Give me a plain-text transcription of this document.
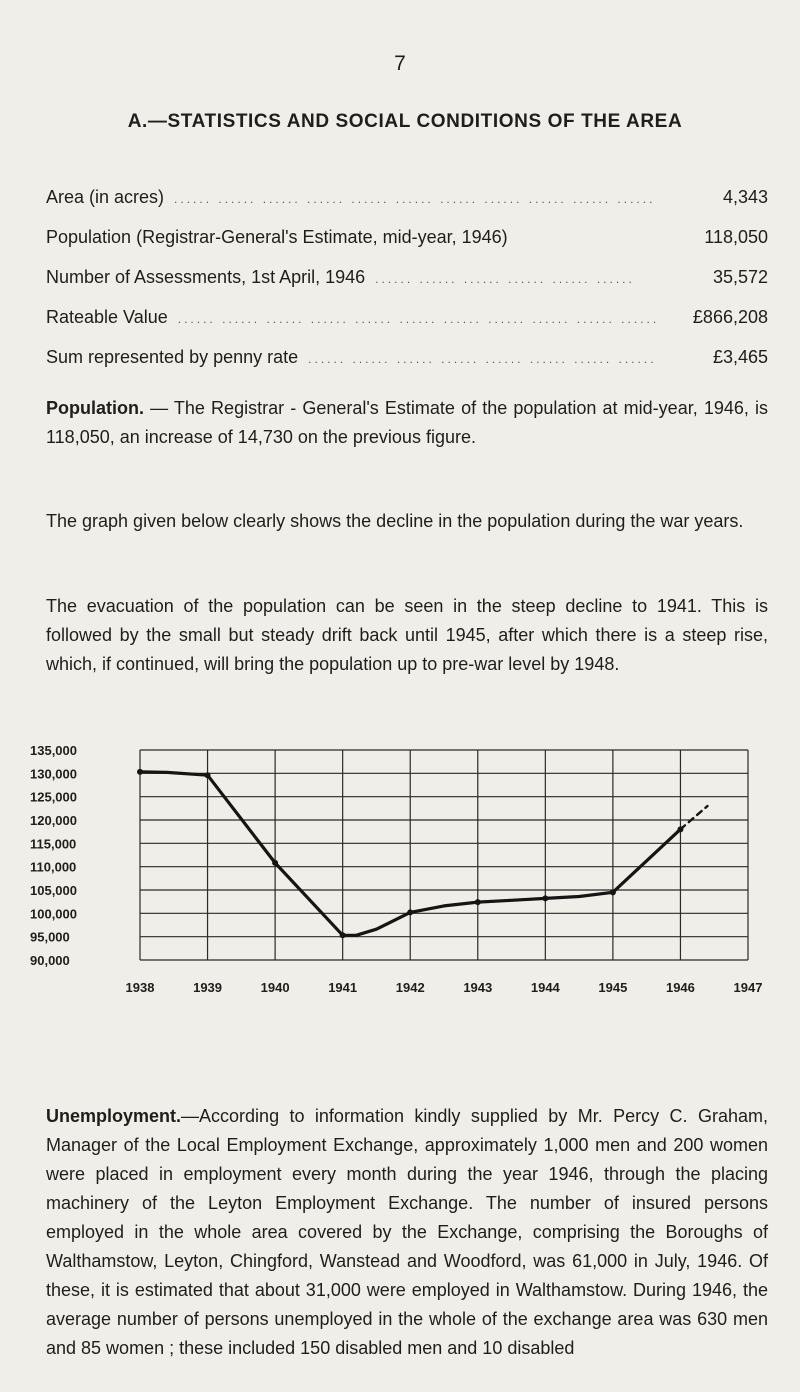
7
A.—STATISTICS AND SOCIAL CONDITIONS OF THE AREA
Area (in acres) ...... ...... ...... ...... ...... ...... ...... ...... ...... ...... ......	4,343
Population (Registrar-General's Estimate, mid-year, 1946)	118,050
Number of Assessments, 1st April, 1946 ...... ...... ...... ...... ...... ......	35,572
Rateable Value ...... ...... ...... ...... ...... ...... ...... ...... ...... ...... ......	£866,208
Sum represented by penny rate ...... ...... ...... ...... ...... ...... ...... ......	£3,465
Population. — The Registrar - General's Estimate of the population at mid-year, 1946, is 118,050, an increase of 14,730 on the previous figure.
The graph given below clearly shows the decline in the population during the war years.
The evacuation of the population can be seen in the steep decline to 1941. This is followed by the small but steady drift back until 1945, after which there is a steep rise, which, if continued, will bring the population up to pre-war level by 1948.
135,000
130,000
125,000
120,000
115,000
110,000
105,000
100,000
95,000
90,000
1938	1939	1940	1941	1942	1943	1944	1945	1946	1947
Unemployment.—According to information kindly supplied by Mr. Percy C. Graham, Manager of the Local Employment Exchange, approximately 1,000 men and 200 women were placed in employment every month during the year 1946, through the placing machinery of the Leyton Employment Exchange. The number of insured persons employed in the whole area covered by the Exchange, comprising the Boroughs of Walthamstow, Leyton, Chingford, Wanstead and Woodford, was 61,000 in July, 1946. Of these, it is estimated that about 31,000 were employed in Walthamstow. During 1946, the average number of persons unemployed in the whole of the exchange area was 630 men and 85 women ; these included 150 disabled men and 10 disabled
